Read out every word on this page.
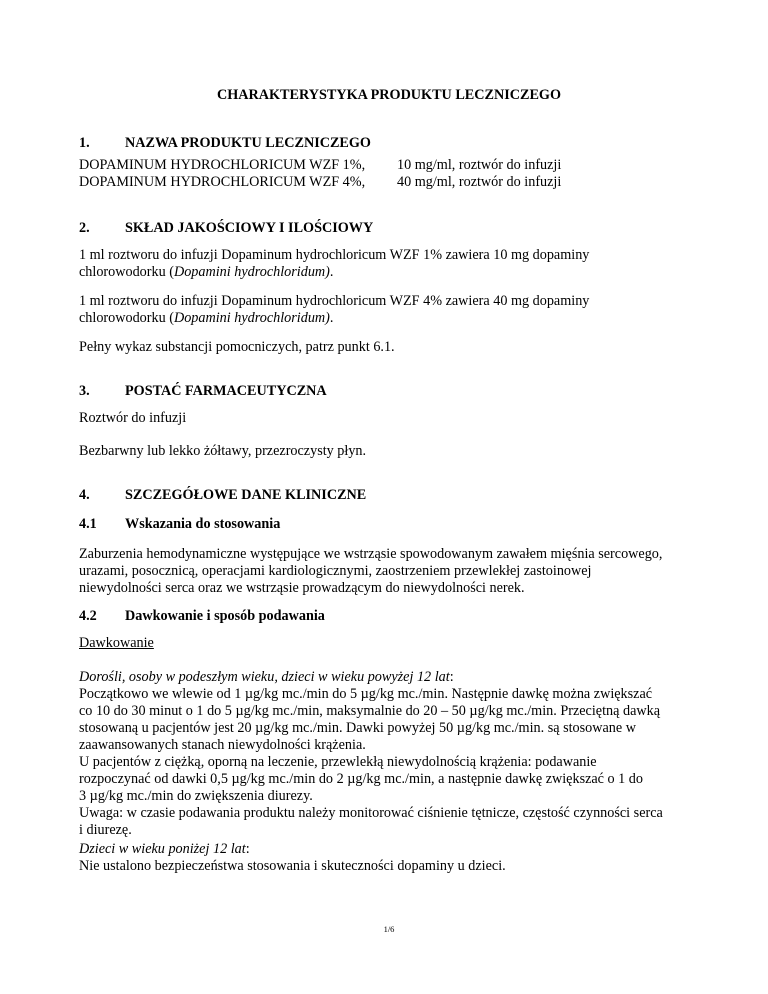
CHARAKTERYSTYKA PRODUKTU LECZNICZEGO
1. NAZWA PRODUKTU LECZNICZEGO
DOPAMINUM HYDROCHLORICUM WZF 1%, 10 mg/ml, roztwór do infuzji
DOPAMINUM HYDROCHLORICUM WZF 4%, 40 mg/ml, roztwór do infuzji
2. SKŁAD JAKOŚCIOWY I ILOŚCIOWY
1 ml roztworu do infuzji Dopaminum hydrochloricum WZF 1% zawiera 10 mg dopaminy
chlorowodorku (Dopamini hydrochloridum).
1 ml roztworu do infuzji Dopaminum hydrochloricum WZF 4% zawiera 40 mg dopaminy
chlorowodorku (Dopamini hydrochloridum).
Pełny wykaz substancji pomocniczych, patrz punkt 6.1.
3. POSTAĆ FARMACEUTYCZNA
Roztwór do infuzji
Bezbarwny lub lekko żółtawy, przezroczysty płyn.
4. SZCZEGÓŁOWE DANE KLINICZNE
4.1 Wskazania do stosowania
Zaburzenia hemodynamiczne występujące we wstrząsie spowodowanym zawałem mięśnia sercowego,
urazami, posocznicą, operacjami kardiologicznymi, zaostrzeniem przewlekłej zastoinowej
niewydolności serca oraz we wstrząsie prowadzącym do niewydolności nerek.
4.2 Dawkowanie i sposób podawania
Dawkowanie
Dorośli, osoby w podeszłym wieku, dzieci w wieku powyżej 12 lat:
Początkowo we wlewie od 1 µg/kg mc./min do 5 µg/kg mc./min. Następnie dawkę można zwiększać
co 10 do 30 minut o 1 do 5 µg/kg mc./min, maksymalnie do 20 – 50 µg/kg mc./min. Przeciętną dawką
stosowaną u pacjentów jest 20 µg/kg mc./min. Dawki powyżej 50 µg/kg mc./min. są stosowane w
zaawansowanych stanach niewydolności krążenia.
U pacjentów z ciężką, oporną na leczenie, przewlekłą niewydolnością krążenia: podawanie
rozpoczynać od dawki 0,5 µg/kg mc./min do 2 µg/kg mc./min, a następnie dawkę zwiększać o 1 do
3 µg/kg mc./min do zwiększenia diurezy.
Uwaga: w czasie podawania produktu należy monitorować ciśnienie tętnicze, częstość czynności serca
i diurezę.
Dzieci w wieku poniżej 12 lat:
Nie ustalono bezpieczeństwa stosowania i skuteczności dopaminy u dzieci.
1/6
